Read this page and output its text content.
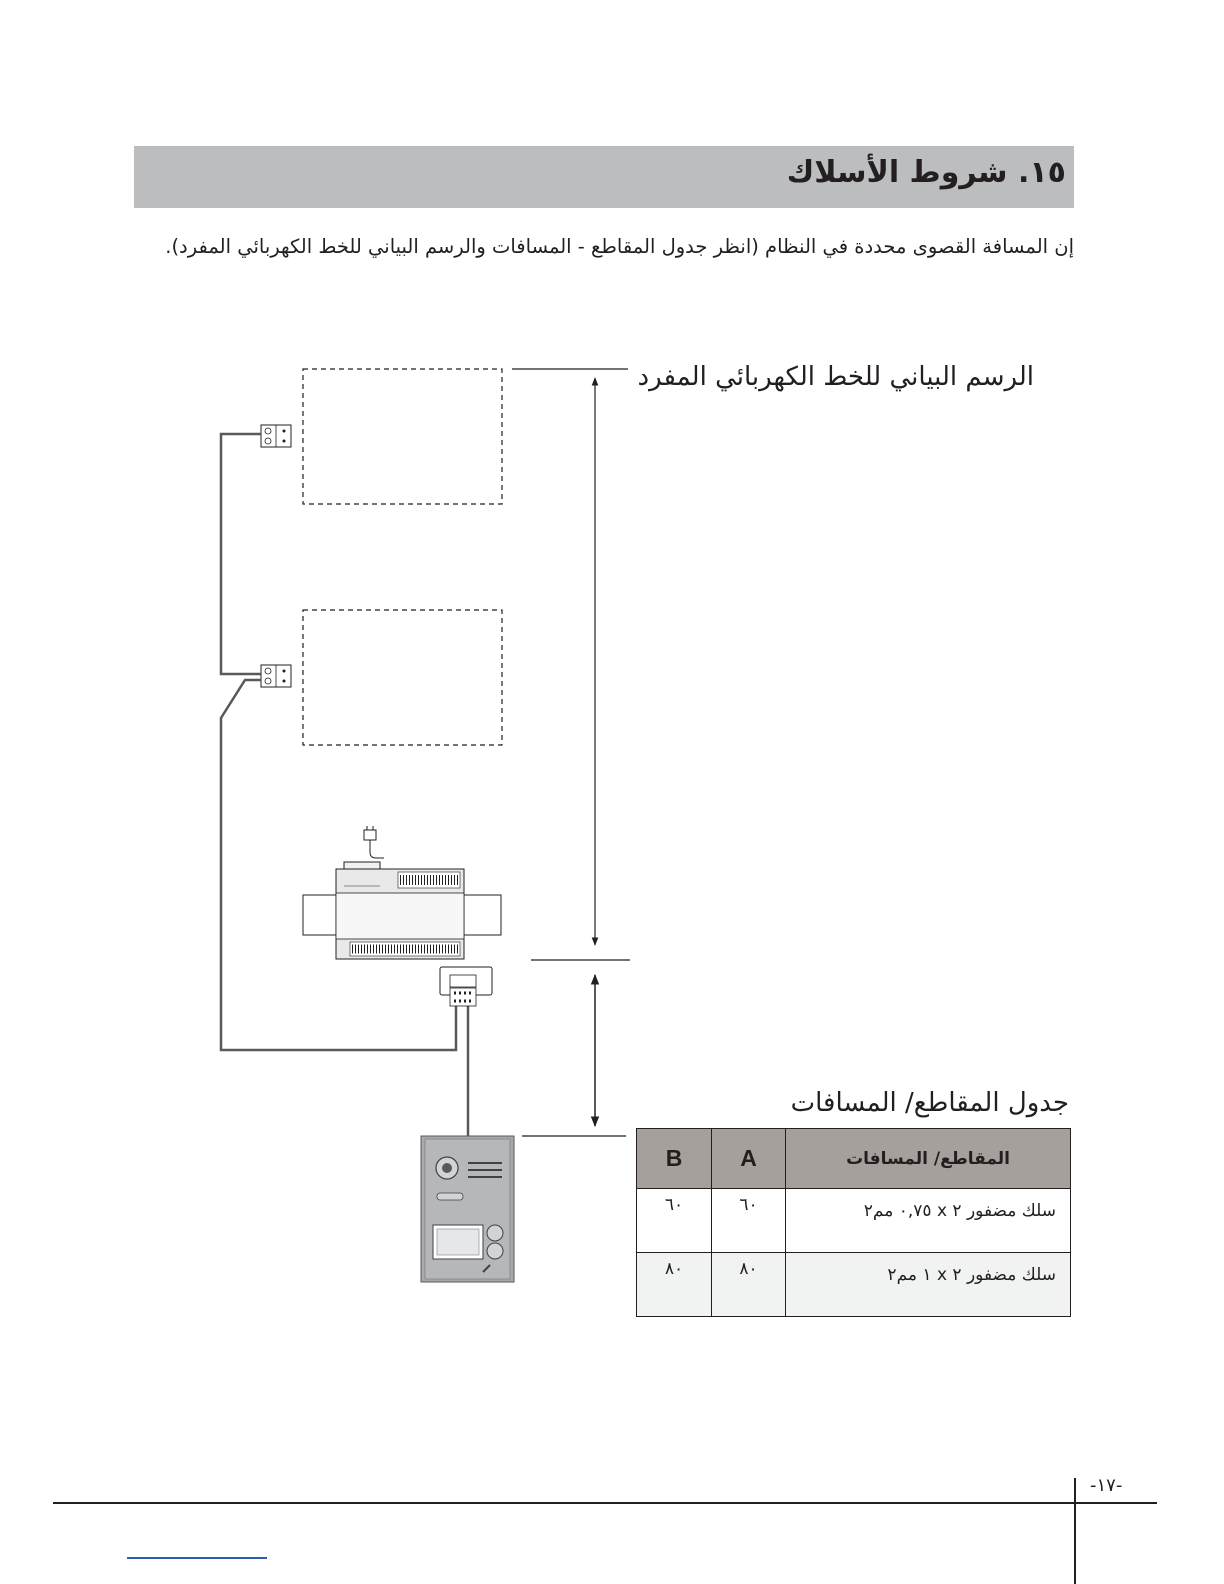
١٥. شروط الأسلاك
إن المسافة القصوى محددة في النظام (انظر جدول المقاطع - المسافات والرسم البياني للخط الكهربائي المفرد).
الرسم البياني للخط الكهربائي المفرد
جدول المقاطع/ المسافات
المقاطع/ المسافات	A	B
سلك مضفور ٢ x ٠,٧٥ مم٢	٦٠	٦٠
سلك مضفور ٢ x ١ مم٢	٨٠	٨٠
-١٧-
